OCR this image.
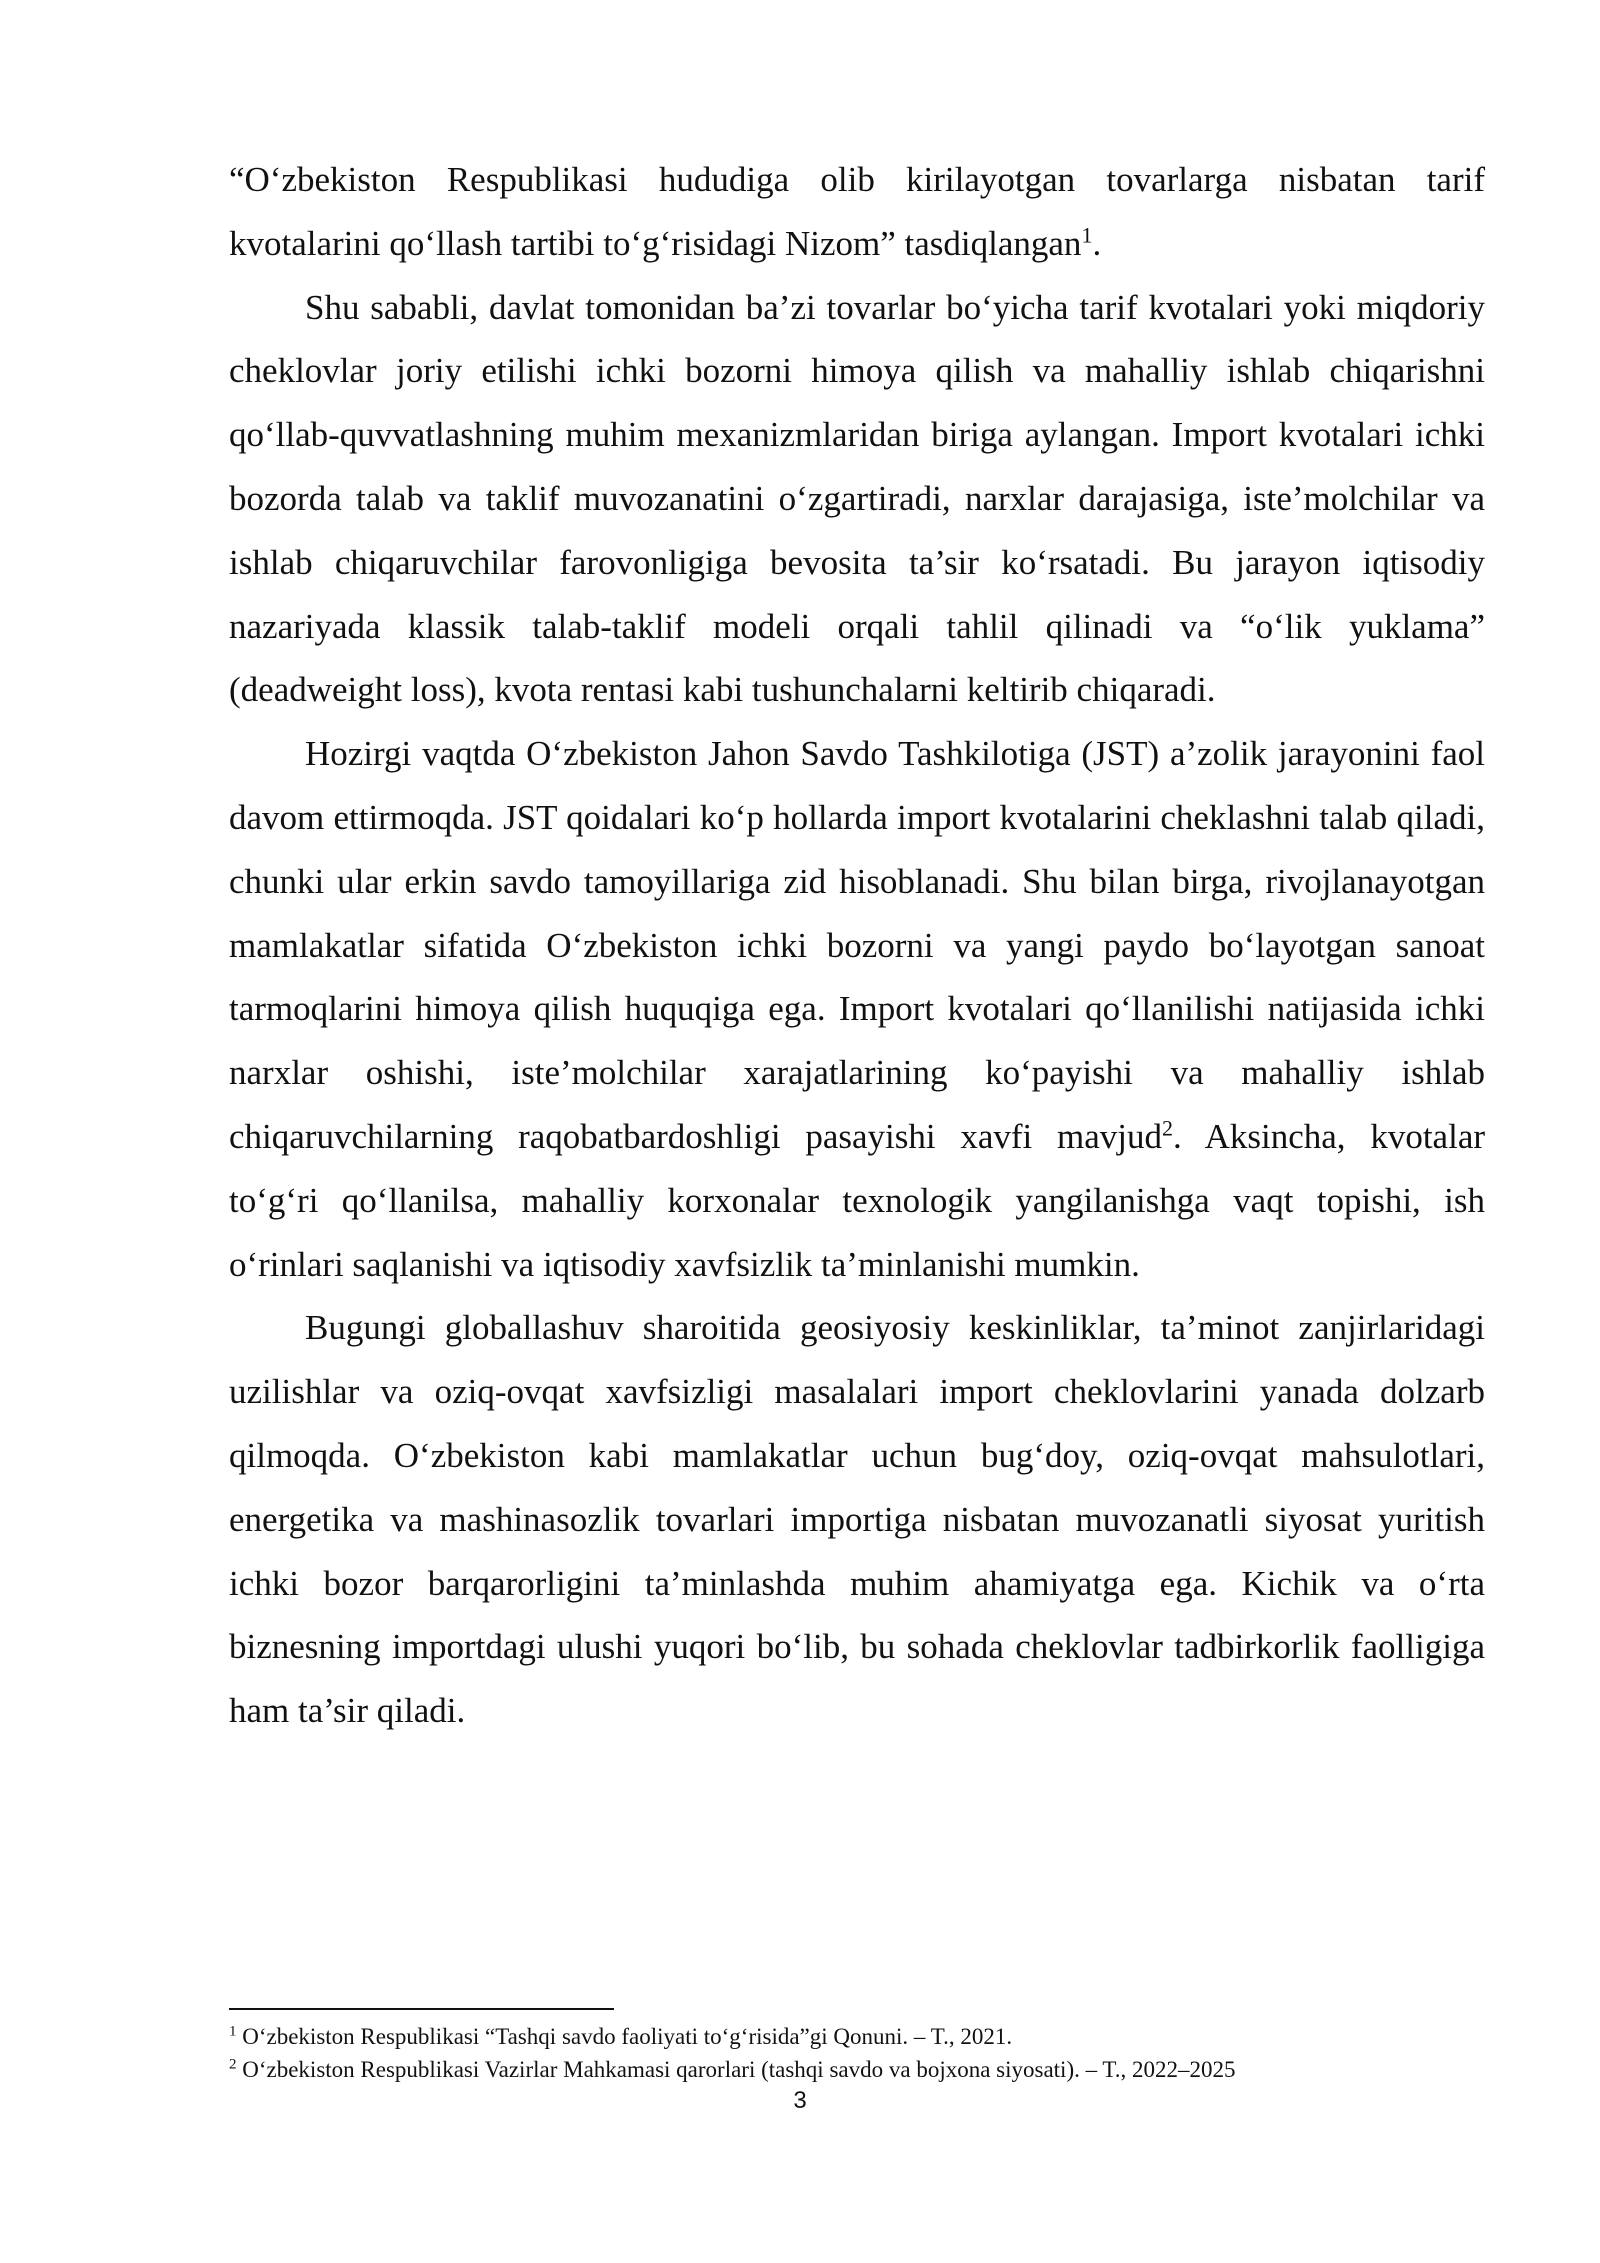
“O‘zbekiston Respublikasi hududiga olib kirilayotgan tovarlarga nisbatan tarif kvotalarini qo‘llash tartibi to‘g‘risidagi Nizom” tasdiqlangan$^1$.

Shu sababli, davlat tomonidan ba’zi tovarlar bo‘yicha tarif kvotalari yoki miqdoriy cheklovlar joriy etilishi ichki bozorni himoya qilish va mahalliy ishlab chiqarishni qo‘llab-quvvatlashning muhim mexanizmlaridan biriga aylangan. Import kvotalari ichki bozorda talab va taklif muvozanatini o‘zgartiradi, narxlar darajasiga, iste’molchilar va ishlab chiqaruvchilar farovonligiga bevosita ta’sir ko‘rsatadi. Bu jarayon iqtisodiy nazariyada klassik talab-taklif modeli orqali tahlil qilinadi va “o‘lik yuklama” (deadweight loss), kvota rentasi kabi tushunchalarni keltirib chiqaradi.

Hozirgi vaqtda O‘zbekiston Jahon Savdo Tashkilotiga (JST) a’zolik jarayonini faol davom ettirmoqda. JST qoidalari ko‘p hollarda import kvotalarini cheklashni talab qiladi, chunki ular erkin savdo tamoyillariga zid hisoblanadi. Shu bilan birga, rivojlanayotgan mamlakatlar sifatida O‘zbekiston ichki bozorni va yangi paydo bo‘layotgan sanoat tarmoqlarini himoya qilish huquqiga ega. Import kvotalari qo‘llanilishi natijasida ichki narxlar oshishi, iste’molchilar xarajatlarining ko‘payishi va mahalliy ishlab chiqaruvchilarning raqobatbardoshligi pasayishi xavfi mavjud$^2$. Aksincha, kvotalar to‘g‘ri qo‘llanilsa, mahalliy korxonalar texnologik yangilanishga vaqt topishi, ish o‘rinlari saqlanishi va iqtisodiy xavfsizlik ta’minlanishi mumkin.

Bugungi globallashuv sharoitida geosiyosiy keskinliklar, ta’minot zanjirlaridagi uzilishlar va oziq-ovqat xavfsizligi masalalari import cheklovlarini yanada dolzarb qilmoqda. O‘zbekiston kabi mamlakatlar uchun bug‘doy, oziq-ovqat mahsulotlari, energetika va mashinasozlik tovarlari importiga nisbatan muvozanatli siyosat yuritish ichki bozor barqarorligini ta’minlashda muhim ahamiyatga ega. Kichik va o‘rta biznesning importdagi ulushi yuqori bo‘lib, bu sohada cheklovlar tadbirkorlik faolligiga ham ta’sir qiladi.

$^1$ O‘zbekiston Respublikasi “Tashqi savdo faoliyati to‘g‘risida”gi Qonuni. – T., 2021.

$^2$ O‘zbekiston Respublikasi Vazirlar Mahkamasi qarorlari (tashqi savdo va bojxona siyosati). – T., 2022–2025

3
